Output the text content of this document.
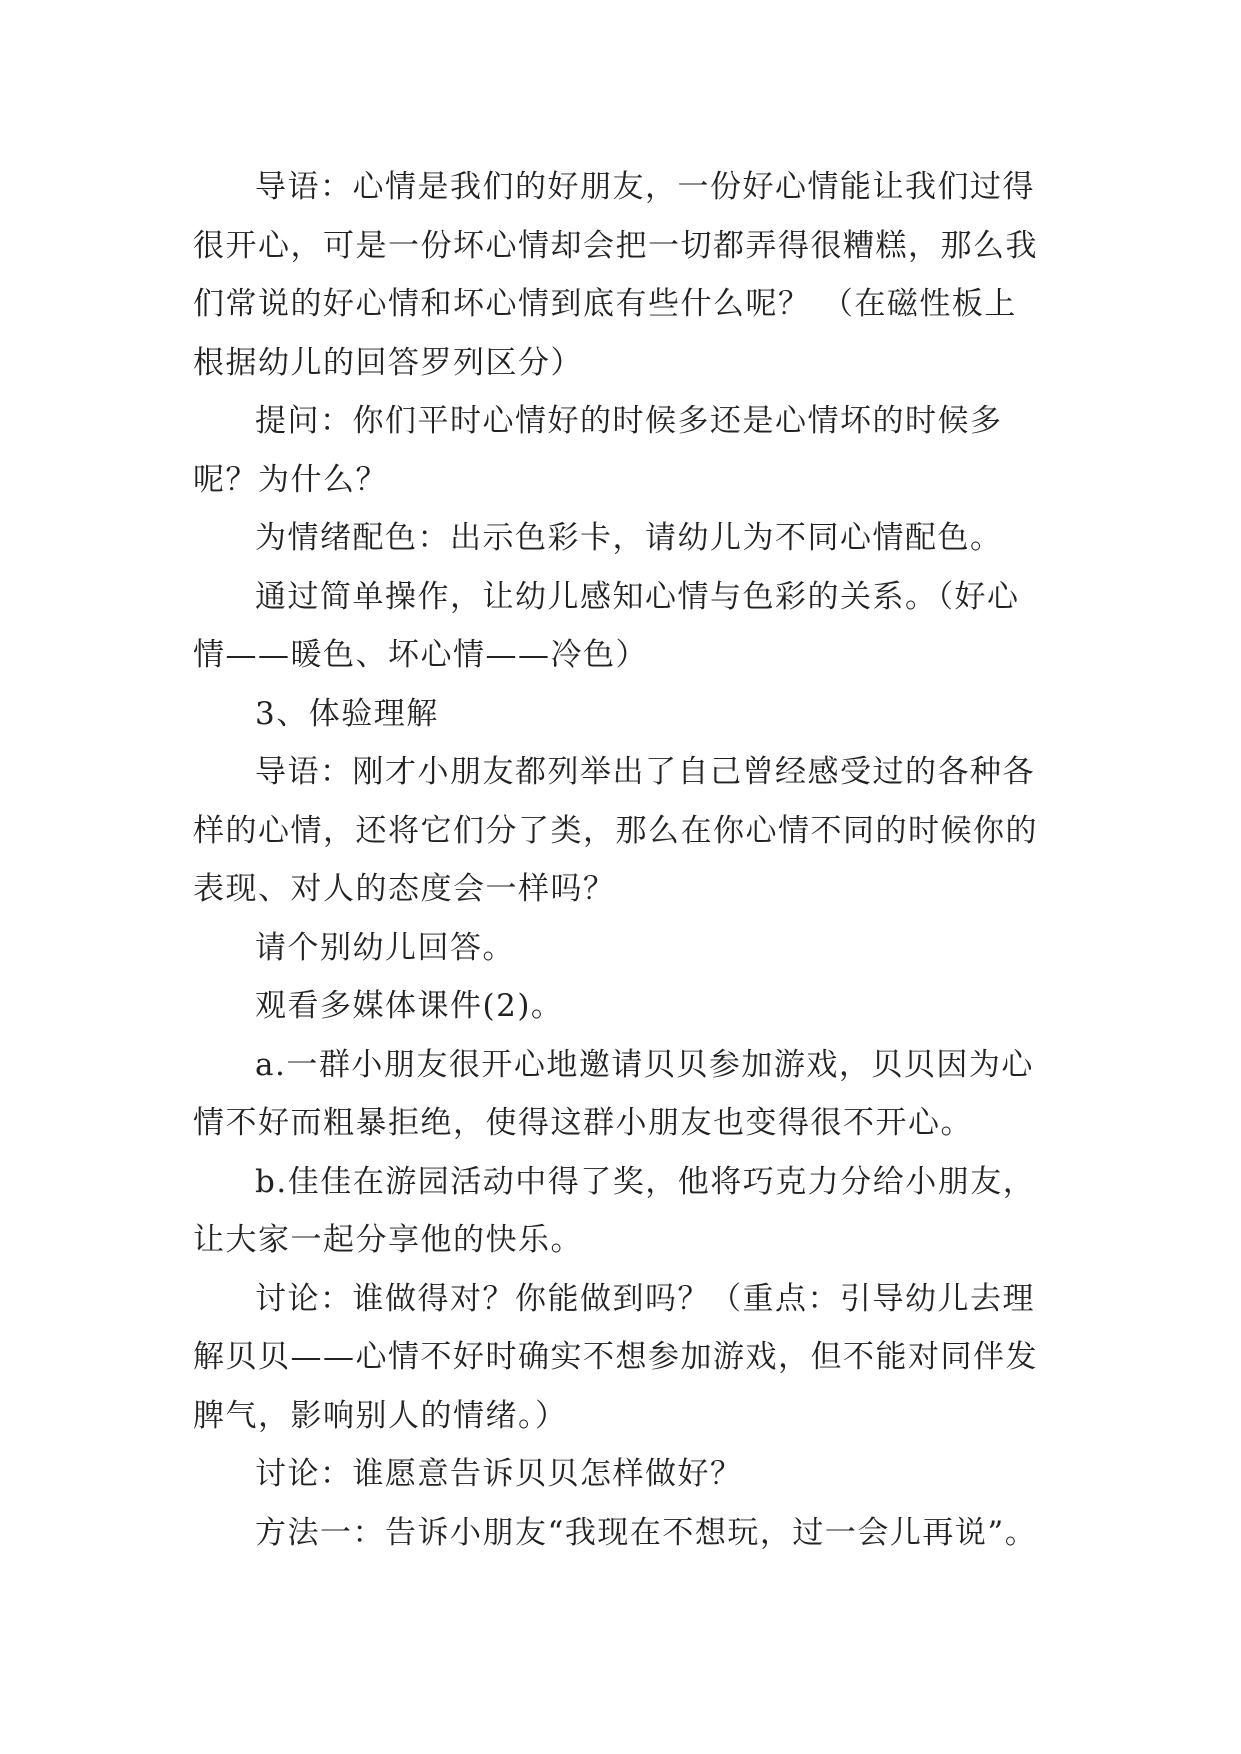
导语：心情是我们的好朋友，一份好心情能让我们过得
很开心，可是一份坏心情却会把一切都弄得很糟糕，那么我
们常说的好心情和坏心情到底有些什么呢？ （在磁性板上
根据幼儿的回答罗列区分）

提问：你们平时心情好的时候多还是心情坏的时候多
呢？为什么？

为情绪配色：出示色彩卡，请幼儿为不同心情配色。

通过简单操作，让幼儿感知心情与色彩的关系。（好心
情——暖色、坏心情——冷色）

3、体验理解

导语：刚才小朋友都列举出了自己曾经感受过的各种各
样的心情，还将它们分了类，那么在你心情不同的时候你的
表现、对人的态度会一样吗？

请个别幼儿回答。

观看多媒体课件(2)。

a.一群小朋友很开心地邀请贝贝参加游戏，贝贝因为心
情不好而粗暴拒绝，使得这群小朋友也变得很不开心。

b.佳佳在游园活动中得了奖，他将巧克力分给小朋友，
让大家一起分享他的快乐。

讨论：谁做得对？你能做到吗？（重点：引导幼儿去理
解贝贝——心情不好时确实不想参加游戏，但不能对同伴发
脾气，影响别人的情绪。）

讨论：谁愿意告诉贝贝怎样做好？

方法一：告诉小朋友“我现在不想玩，过一会儿再说”。
